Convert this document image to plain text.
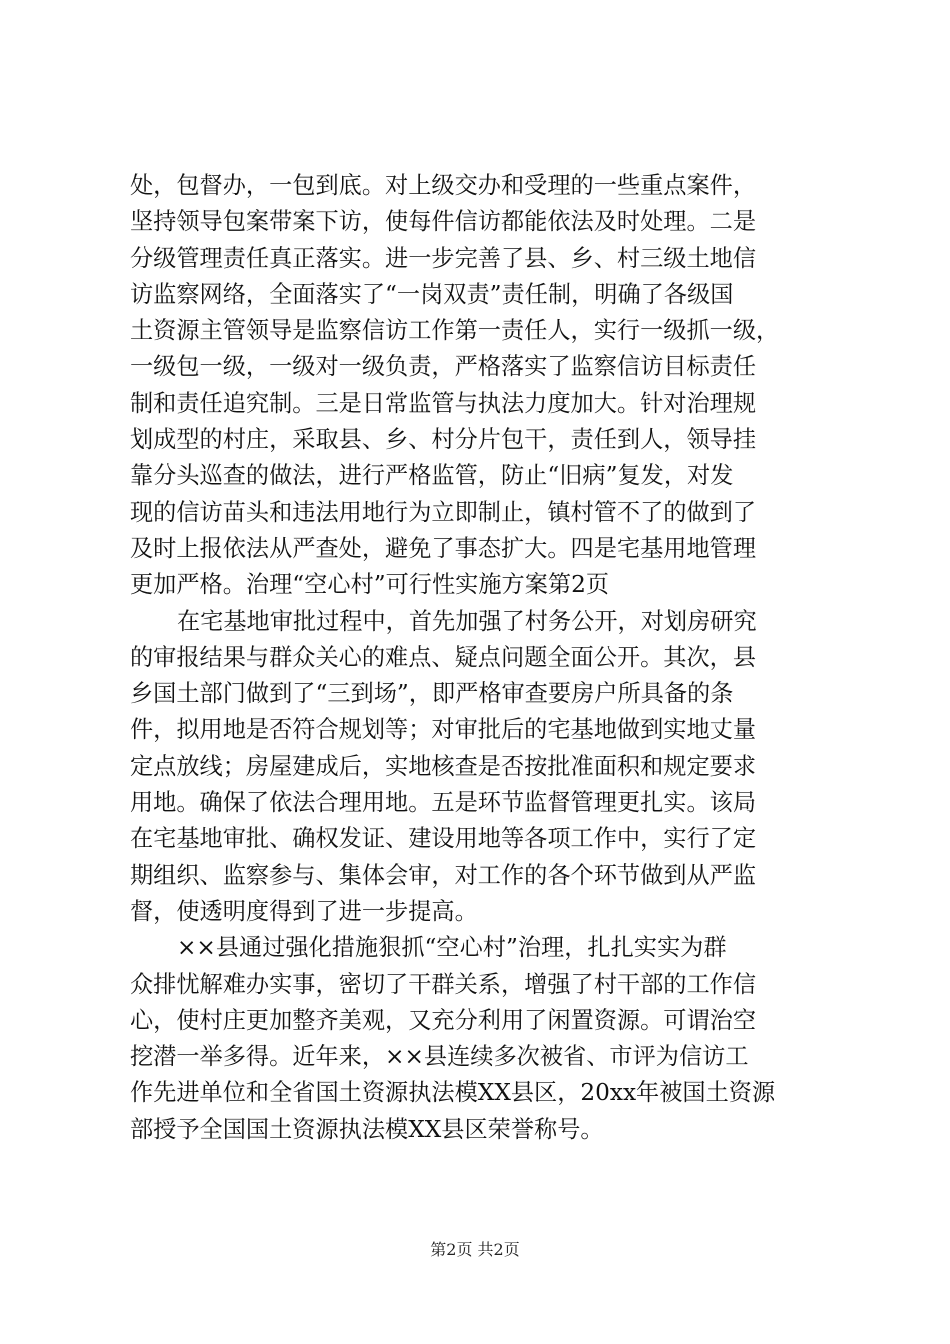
处，包督办，一包到底。对上级交办和受理的一些重点案件，
坚持领导包案带案下访，使每件信访都能依法及时处理。二是
分级管理责任真正落实。进一步完善了县、乡、村三级土地信
访监察网络，全面落实了“一岗双责”责任制，明确了各级国
土资源主管领导是监察信访工作第一责任人，实行一级抓一级，
一级包一级，一级对一级负责，严格落实了监察信访目标责任
制和责任追究制。三是日常监管与执法力度加大。针对治理规
划成型的村庄，采取县、乡、村分片包干，责任到人，领导挂
靠分头巡查的做法，进行严格监管，防止“旧病”复发，对发
现的信访苗头和违法用地行为立即制止，镇村管不了的做到了
及时上报依法从严查处，避免了事态扩大。四是宅基用地管理
更加严格。治理“空心村”可行性实施方案第2页
在宅基地审批过程中，首先加强了村务公开，对划房研究
的审报结果与群众关心的难点、疑点问题全面公开。其次，县
乡国土部门做到了“三到场”，即严格审查要房户所具备的条
件，拟用地是否符合规划等；对审批后的宅基地做到实地丈量
定点放线；房屋建成后，实地核查是否按批准面积和规定要求
用地。确保了依法合理用地。五是环节监督管理更扎实。该局
在宅基地审批、确权发证、建设用地等各项工作中，实行了定
期组织、监察参与、集体会审，对工作的各个环节做到从严监
督，使透明度得到了进一步提高。
××县通过强化措施狠抓“空心村”治理，扎扎实实为群
众排忧解难办实事，密切了干群关系，增强了村干部的工作信
心，使村庄更加整齐美观，又充分利用了闲置资源。可谓治空
挖潜一举多得。近年来，××县连续多次被省、市评为信访工
作先进单位和全省国土资源执法模XX县区，20xx年被国土资源
部授予全国国土资源执法模XX县区荣誉称号。
第2页 共2页
